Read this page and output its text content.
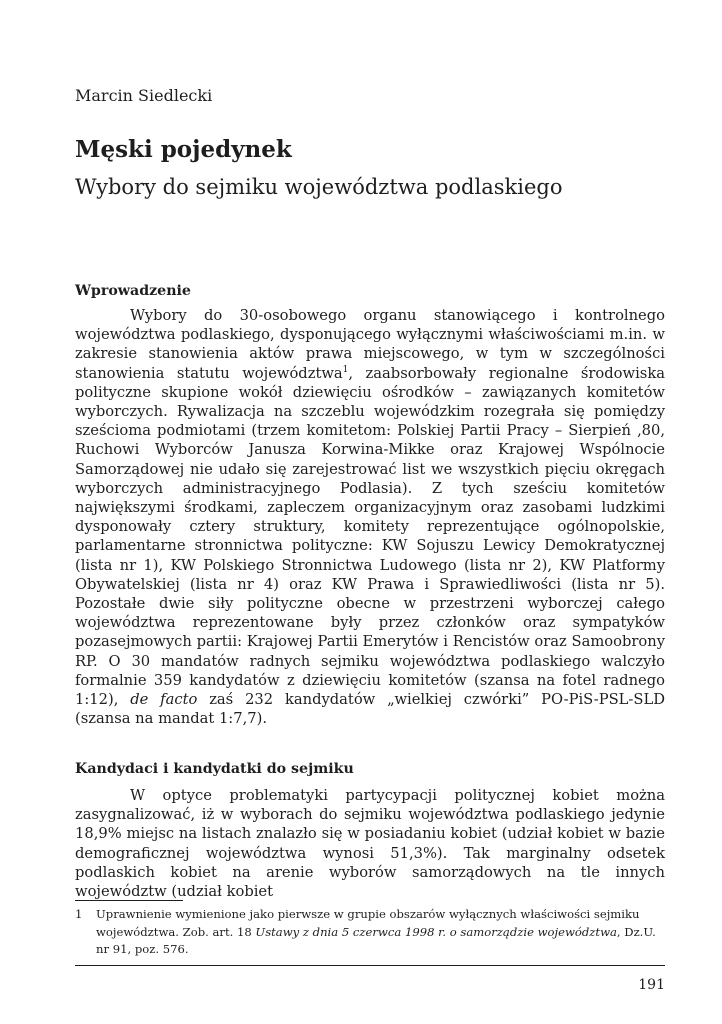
Marcin Siedlecki
Męski pojedynek
Wybory do sejmiku województwa podlaskiego
Wprowadzenie

Wybory do 30-osobowego organu stanowiącego i kontrolnego województwa podlaskiego, dysponującego wyłącznymi właściwościami m.in. w zakresie stanowienia aktów prawa miejscowego, w tym w szczególności stanowienia statutu województwa$^1$, zaabsorbowały regionalne środowiska polityczne skupione wokół dziewięciu ośrodków – zawiązanych komitetów wyborczych. Rywalizacja na szczeblu wojewódzkim rozegrała się pomiędzy sześcioma podmiotami (trzem komitetom: Polskiej Partii Pracy – Sierpień ‚80, Ruchowi Wyborców Janusza Korwina-Mikke oraz Krajowej Wspólnocie Samorządowej nie udało się zarejestrować list we wszystkich pięciu okręgach wyborczych administracyjnego Podlasia). Z tych sześciu komitetów największymi środkami, zapleczem organizacyjnym oraz zasobami ludzkimi dysponowały cztery struktury, komitety reprezentujące ogólnopolskie, parlamentarne stronnictwa polityczne: KW Sojuszu Lewicy Demokratycznej (lista nr 1), KW Polskiego Stronnictwa Ludowego (lista nr 2), KW Platformy Obywatelskiej (lista nr 4) oraz KW Prawa i Sprawiedliwości (lista nr 5). Pozostałe dwie siły polityczne obecne w przestrzeni wyborczej całego województwa reprezentowane były przez członków oraz sympatyków pozasejmowych partii: Krajowej Partii Emerytów i Rencistów oraz Samoobrony RP. O 30 mandatów radnych sejmiku województwa podlaskiego walczyło formalnie 359 kandydatów z dziewięciu komitetów (szansa na fotel radnego 1:12), de facto zaś 232 kandydatów „wielkiej czwórki” PO-PiS-PSL-SLD (szansa na mandat 1:7,7).

Kandydaci i kandydatki do sejmiku

W optyce problematyki partycypacji politycznej kobiet można zasygnalizować, iż w wyborach do sejmiku województwa podlaskiego jedynie 18,9% miejsc na listach znalazło się w posiadaniu kobiet (udział kobiet w bazie demograficznej województwa wynosi 51,3%). Tak marginalny odsetek podlaskich kobiet na arenie wyborów samorządowych na tle innych województw (udział kobiet

1	Uprawnienie wymienione jako pierwsze w grupie obszarów wyłącznych właściwości sejmiku województwa. Zob. art. 18 Ustawy z dnia 5 czerwca 1998 r. o samorządzie województwa, Dz.U. nr 91, poz. 576.
191
